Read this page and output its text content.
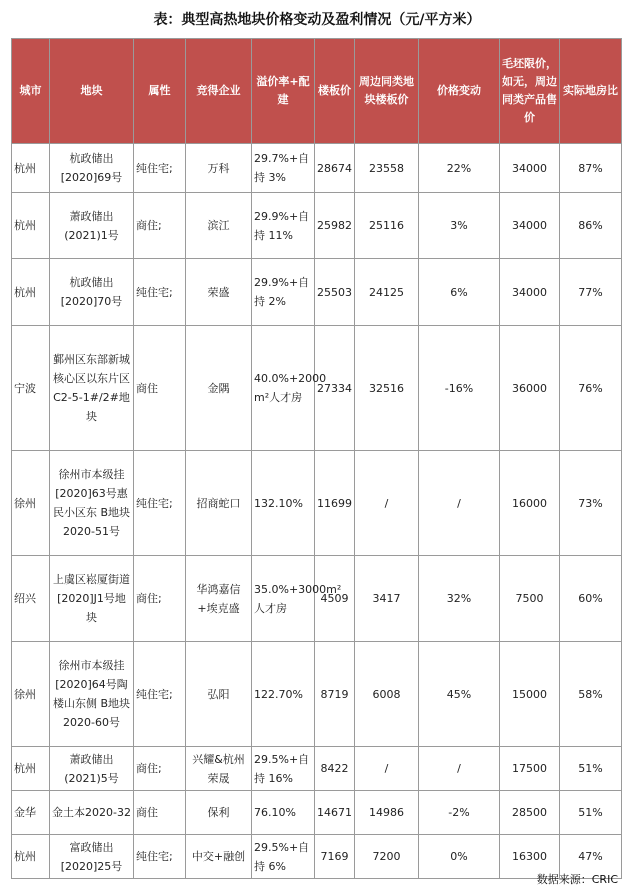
表：典型高热地块价格变动及盈利情况（元/平方米）
城市	地块	属性	竞得企业	溢价率+配建	楼板价	周边同类地块楼板价	价格变动	毛坯限价，如无，周边同类产品售价	实际地房比
杭州	杭政储出[2020]69号	纯住宅;	万科	29.7%+自持 3%	28674	23558	22%	34000	87%
杭州	萧政储出(2021)1号	商住;	滨江	29.9%+自持 11%	25982	25116	3%	34000	86%
杭州	杭政储出[2020]70号	纯住宅;	荣盛	29.9%+自持 2%	25503	24125	6%	34000	77%
宁波	鄞州区东部新城核心区以东片区C2-5-1#/2#地块	商住	金隅	40.0%+2000 m²人才房	27334	32516	-16%	36000	76%
徐州	徐州市本级挂[2020]63号惠民小区东 B地块2020-51号	纯住宅;	招商蛇口	132.10%	11699	/	/	16000	73%
绍兴	上虞区崧厦街道[2020]J1号地块	商住;	华鸿嘉信+埃克盛	35.0%+3000m²人才房	4509	3417	32%	7500	60%
徐州	徐州市本级挂[2020]64号陶楼山东侧 B地块2020-60号	纯住宅;	弘阳	122.70%	8719	6008	45%	15000	58%
杭州	萧政储出(2021)5号	商住;	兴耀&杭州荣晟	29.5%+自持 16%	8422	/	/	17500	51%
金华	金土本2020-32	商住	保利	76.10%	14671	14986	-2%	28500	51%
杭州	富政储出[2020]25号	纯住宅;	中交+融创	29.5%+自持 6%	7169	7200	0%	16300	47%
数据来源：CRIC
